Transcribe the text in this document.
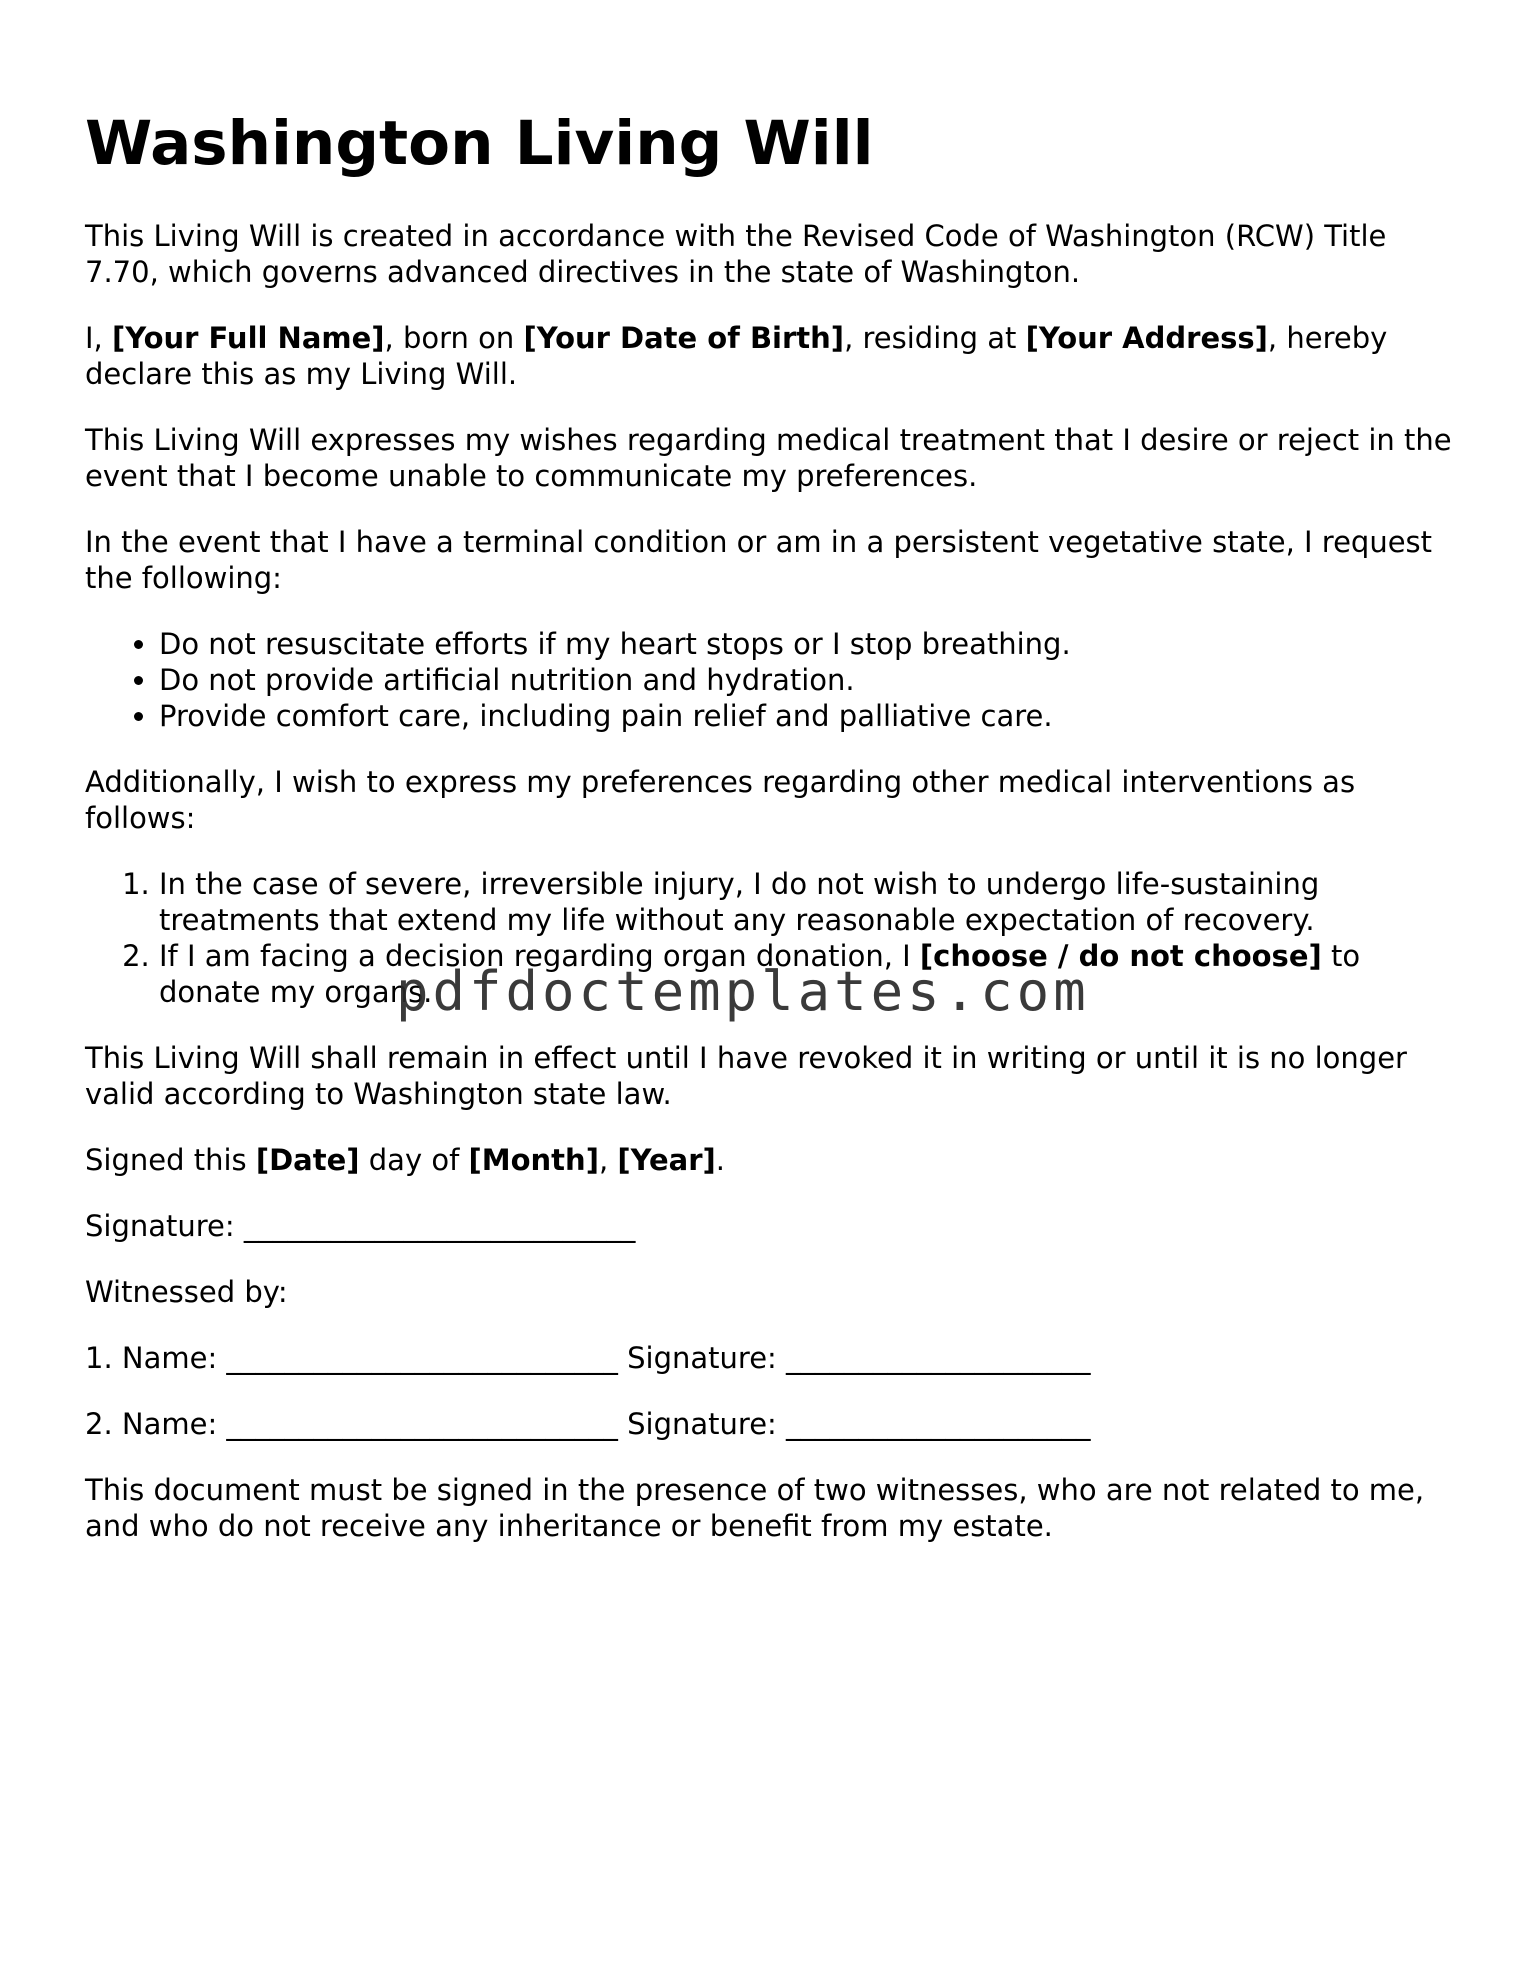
Washington Living Will

This Living Will is created in accordance with the Revised Code of Washington (RCW) Title 7.70, which governs advanced directives in the state of Washington.

I, [Your Full Name], born on [Your Date of Birth], residing at [Your Address], hereby declare this as my Living Will.

This Living Will expresses my wishes regarding medical treatment that I desire or reject in the event that I become unable to communicate my preferences.

In the event that I have a terminal condition or am in a persistent vegetative state, I request the following:

• Do not resuscitate efforts if my heart stops or I stop breathing.
• Do not provide artificial nutrition and hydration.
• Provide comfort care, including pain relief and palliative care.

Additionally, I wish to express my preferences regarding other medical interventions as follows:

1. In the case of severe, irreversible injury, I do not wish to undergo life-sustaining treatments that extend my life without any reasonable expectation of recovery.
2. If I am facing a decision regarding organ donation, I [choose / do not choose] to donate my organs.

This Living Will shall remain in effect until I have revoked it in writing or until it is no longer valid according to Washington state law.

Signed this [Date] day of [Month], [Year].

Signature: ___________________________

Witnessed by:

1. Name: ___________________________ Signature: _____________________

2. Name: ___________________________ Signature: _____________________

This document must be signed in the presence of two witnesses, who are not related to me, and who do not receive any inheritance or benefit from my estate.

pdfdoctemplates.com
